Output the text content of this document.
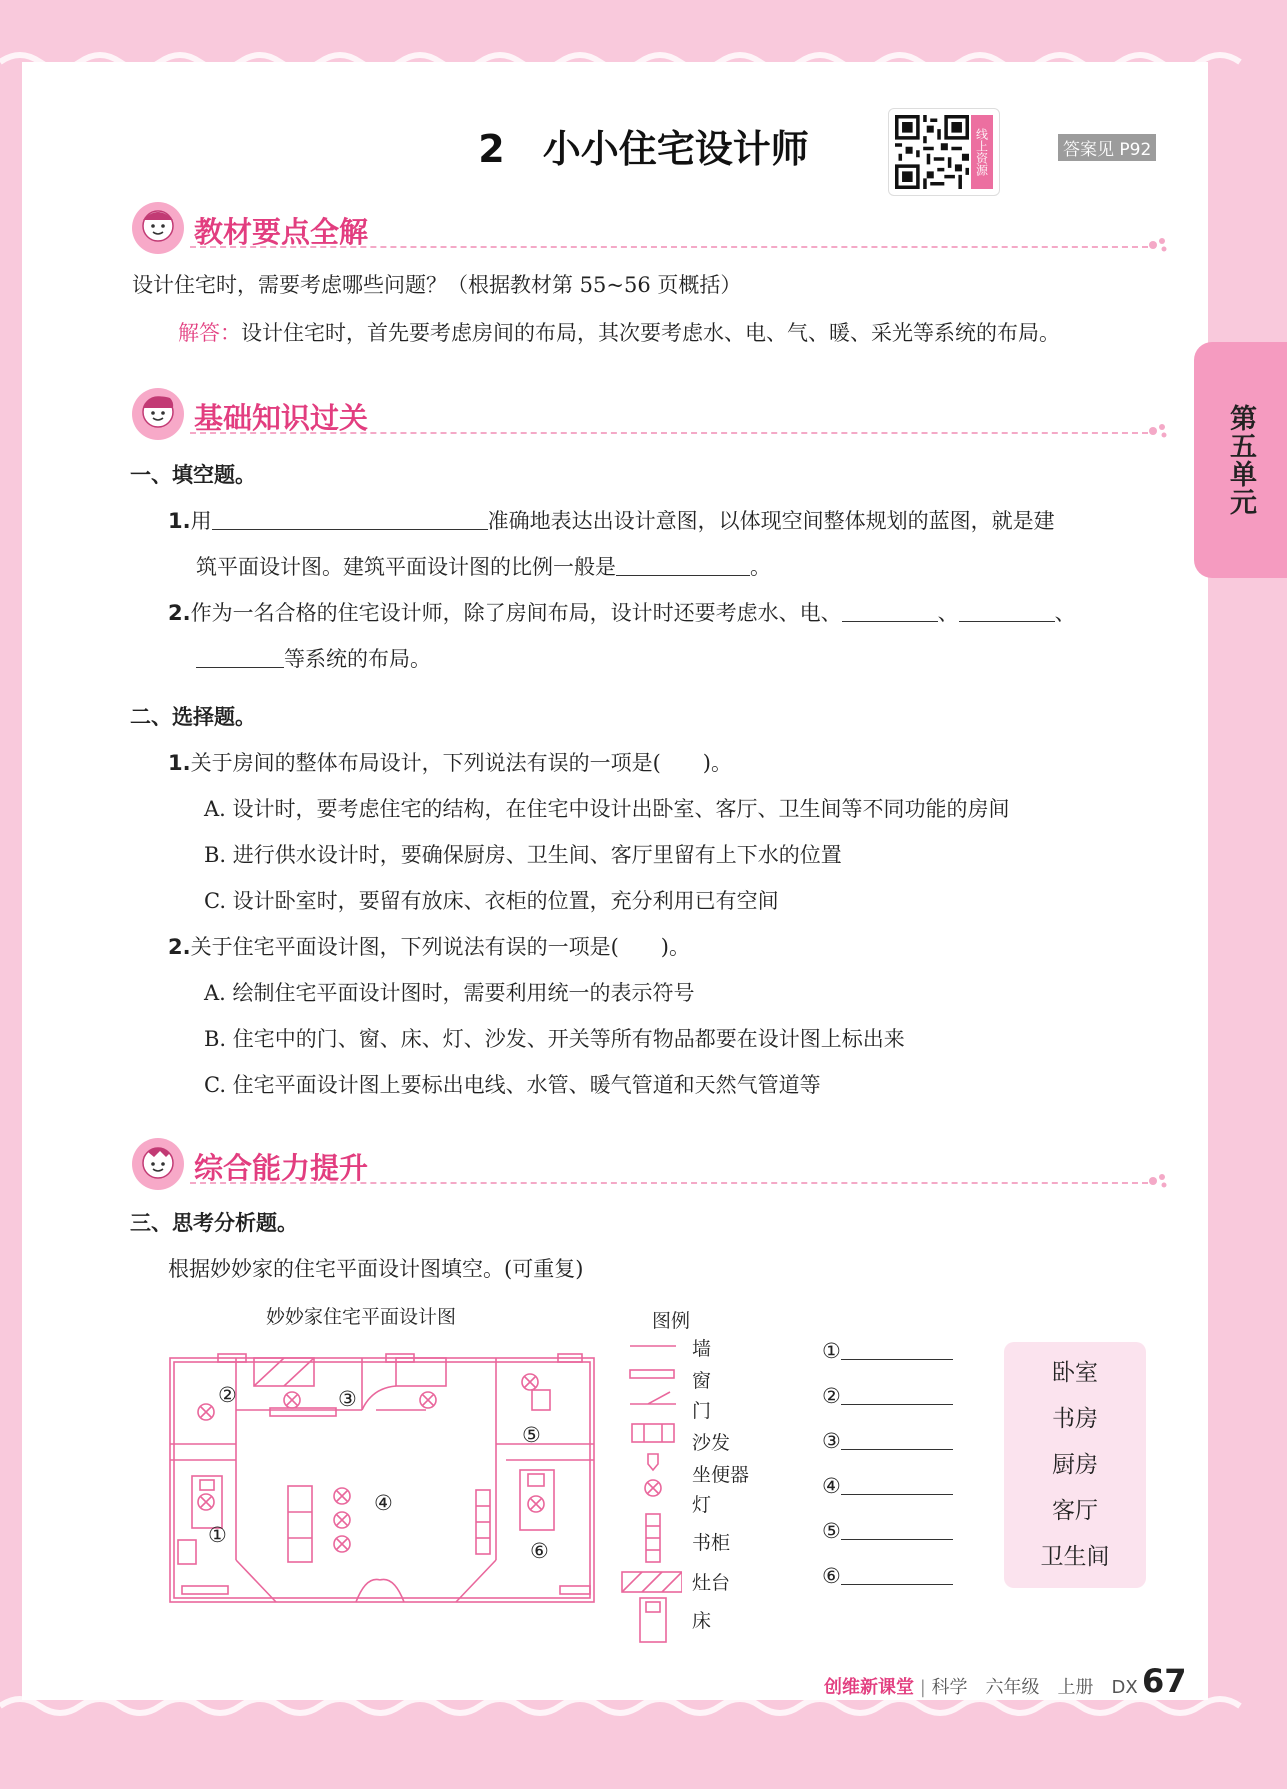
第五单元
2　小小住宅设计师	线上资源	答案见 P92
教材要点全解
设计住宅时，需要考虑哪些问题？（根据教材第 55~56 页概括）
解答：设计住宅时，首先要考虑房间的布局，其次要考虑水、电、气、暖、采光等系统的布局。
基础知识过关
一、填空题。
1.用	准确地表达出设计意图，以体现空间整体规划的蓝图，就是建
筑平面设计图。建筑平面设计图的比例一般是	。
2.作为一名合格的住宅设计师，除了房间布局，设计时还要考虑水、电、	、	、
等系统的布局。
二、选择题。
1.关于房间的整体布局设计，下列说法有误的一项是(　　)。
A. 设计时，要考虑住宅的结构，在住宅中设计出卧室、客厅、卫生间等不同功能的房间
B. 进行供水设计时，要确保厨房、卫生间、客厅里留有上下水的位置
C. 设计卧室时，要留有放床、衣柜的位置，充分利用已有空间
2.关于住宅平面设计图，下列说法有误的一项是(　　)。
A. 绘制住宅平面设计图时，需要利用统一的表示符号
B. 住宅中的门、窗、床、灯、沙发、开关等所有物品都要在设计图上标出来
C. 住宅平面设计图上要标出电线、水管、暖气管道和天然气管道等
综合能力提升
三、思考分析题。
根据妙妙家的住宅平面设计图填空。(可重复)
妙妙家住宅平面设计图
②	③
⑤
④
①
⑥
图例
墙
窗
门
沙发
坐便器
灯
书柜
灶台
床
①
②
③
④
⑤
⑥
卧室
书房
厨房
客厅
卫生间
创维新课堂 | 科学　六年级　上册　DX 67
